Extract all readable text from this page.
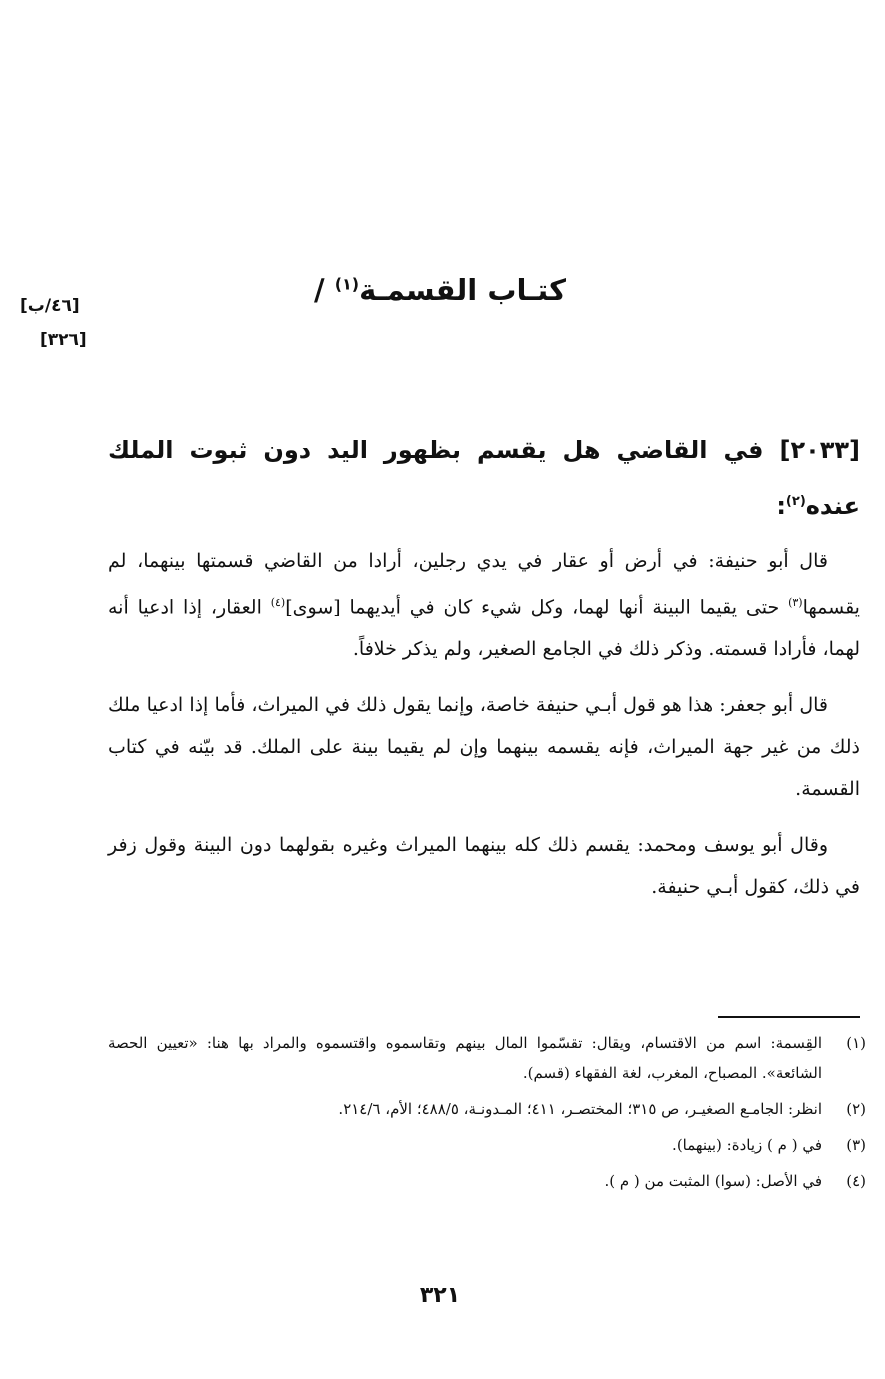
[٤٦/ب]
[٣٢٦]
كتـاب القسمـة$^{(١)}$ /
[٢٠٣٣] في القاضي هل يقسم بظهور اليد دون ثبوت الملك عنده$^{(٢)}$:

قال أبو حنيفة: في أرض أو عقار في يدي رجلين، أرادا من القاضي قسمتها بينهما، لم يقسمها$^{(٣)}$ حتى يقيما البينة أنها لهما، وكل شيء كان في أيديهما [سوى]$^{(٤)}$ العقار، إذا ادعيا أنه لهما، فأرادا قسمته. وذكر ذلك في الجامع الصغير، ولم يذكر خلافاً.

قال أبو جعفر: هذا هو قول أبـي حنيفة خاصة، وإنما يقول ذلك في الميراث، فأما إذا ادعيا ملك ذلك من غير جهة الميراث، فإنه يقسمه بينهما وإن لم يقيما بينة على الملك. قد بيّنه في كتاب القسمة.

وقال أبو يوسف ومحمد: يقسم ذلك كله بينهما الميراث وغيره بقولهما دون البينة وقول زفر في ذلك، كقول أبـي حنيفة.

(١)
القِسمة: اسم من الاقتسام، ويقال: تقسّموا المال بينهم وتقاسموه واقتسموه والمراد بها هنا: «تعيين الحصة الشائعة». المصباح، المغرب، لغة الفقهاء (قسم).
(٢)
انظر: الجامـع الصغيـر، ص ٣١٥؛ المختصـر، ٤١١؛ المـدونـة، ٤٨٨/٥؛ الأم، ٢١٤/٦.
(٣)
في ( م ) زيادة: (بينهما).
(٤)
في الأصل: (سوا) المثبت من ( م ).
٣٢١
